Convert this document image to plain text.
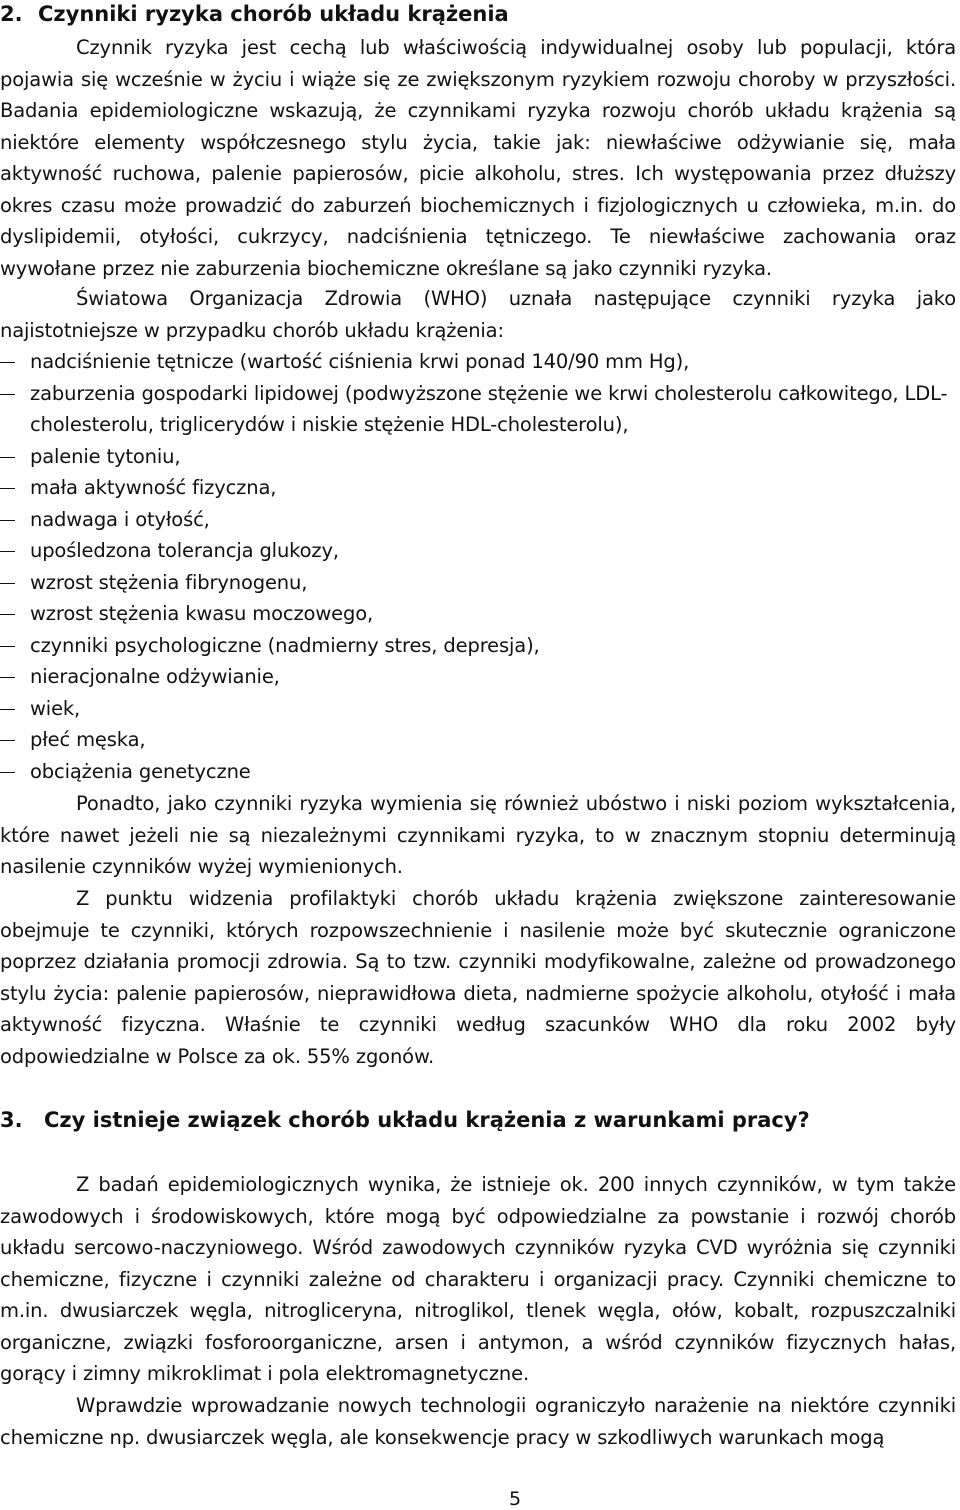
2. Czynniki ryzyka chorób układu krążenia

Czynnik ryzyka jest cechą lub właściwością indywidualnej osoby lub populacji, która pojawia się wcześnie w życiu i wiąże się ze zwiększonym ryzykiem rozwoju choroby w przyszłości. Badania epidemiologiczne wskazują, że czynnikami ryzyka rozwoju chorób układu krążenia są niektóre elementy współczesnego stylu życia, takie jak: niewłaściwe odżywianie się, mała aktywność ruchowa, palenie papierosów, picie alkoholu, stres. Ich występowania przez dłuższy okres czasu może prowadzić do zaburzeń biochemicznych i fizjologicznych u człowieka, m.in. do dyslipidemii, otyłości, cukrzycy, nadciśnienia tętniczego. Te niewłaściwe zachowania oraz wywołane przez nie zaburzenia biochemiczne określane są jako czynniki ryzyka.

Światowa Organizacja Zdrowia (WHO) uznała następujące czynniki ryzyka jako najistotniejsze w przypadku chorób układu krążenia:

nadciśnienie tętnicze (wartość ciśnienia krwi ponad 140/90 mm Hg),
zaburzenia gospodarki lipidowej (podwyższone stężenie we krwi cholesterolu całkowitego, LDL-cholesterolu, triglicerydów i niskie stężenie HDL-cholesterolu),
palenie tytoniu,
mała aktywność fizyczna,
nadwaga i otyłość,
upośledzona tolerancja glukozy,
wzrost stężenia fibrynogenu,
wzrost stężenia kwasu moczowego,
czynniki psychologiczne (nadmierny stres, depresja),
nieracjonalne odżywianie,
wiek,
płeć męska,
obciążenia genetyczne

Ponadto, jako czynniki ryzyka wymienia się również ubóstwo i niski poziom wykształcenia, które nawet jeżeli nie są niezależnymi czynnikami ryzyka, to w znacznym stopniu determinują nasilenie czynników wyżej wymienionych.

Z punktu widzenia profilaktyki chorób układu krążenia zwiększone zainteresowanie obejmuje te czynniki, których rozpowszechnienie i nasilenie może być skutecznie ograniczone poprzez działania promocji zdrowia. Są to tzw. czynniki modyfikowalne, zależne od prowadzonego stylu życia: palenie papierosów, nieprawidłowa dieta, nadmierne spożycie alkoholu, otyłość i mała aktywność fizyczna. Właśnie te czynniki według szacunków WHO dla roku 2002 były odpowiedzialne w Polsce za ok. 55% zgonów.

3. Czy istnieje związek chorób układu krążenia z warunkami pracy?

Z badań epidemiologicznych wynika, że istnieje ok. 200 innych czynników, w tym także zawodowych i środowiskowych, które mogą być odpowiedzialne za powstanie i rozwój chorób układu sercowo-naczyniowego. Wśród zawodowych czynników ryzyka CVD wyróżnia się czynniki chemiczne, fizyczne i czynniki zależne od charakteru i organizacji pracy. Czynniki chemiczne to m.in. dwusiarczek węgla, nitrogliceryna, nitroglikol, tlenek węgla, ołów, kobalt, rozpuszczalniki organiczne, związki fosforoorganiczne, arsen i antymon, a wśród czynników fizycznych hałas, gorący i zimny mikroklimat i pola elektromagnetyczne.

Wprawdzie wprowadzanie nowych technologii ograniczyło narażenie na niektóre czynniki chemiczne np. dwusiarczek węgla, ale konsekwencje pracy w szkodliwych warunkach mogą

5
